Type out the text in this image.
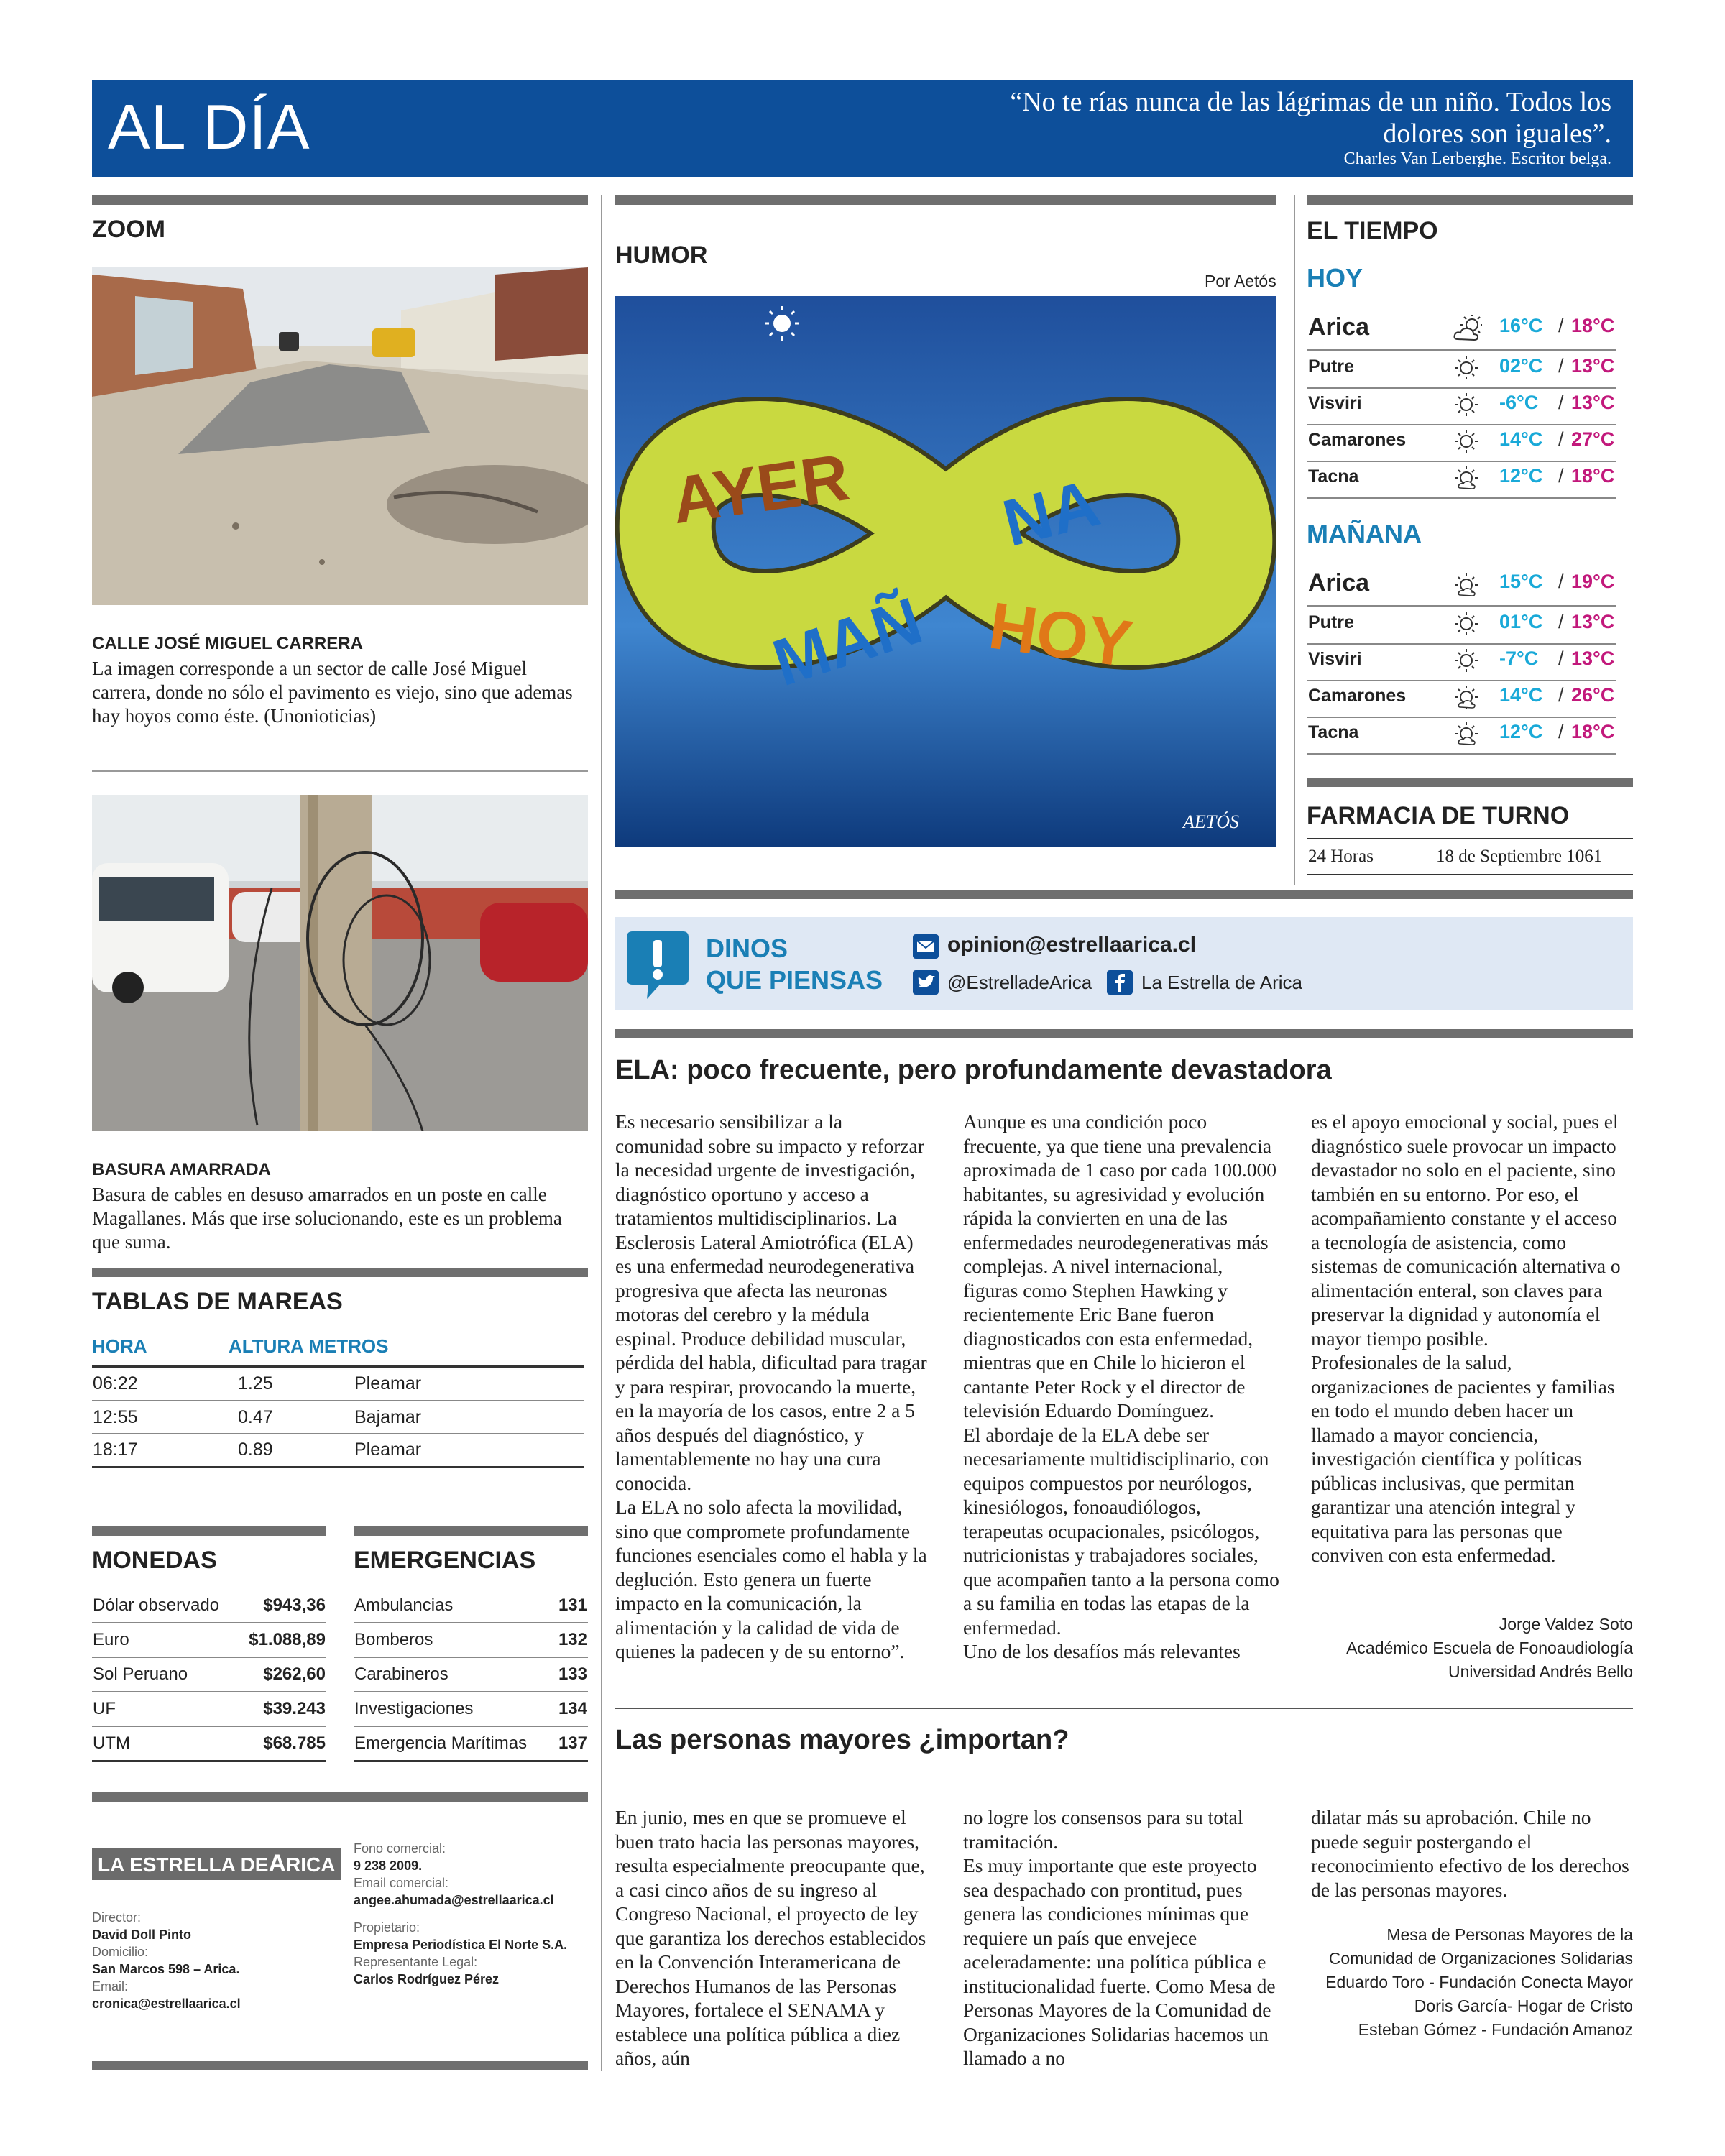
AL DÍA	“No te rías nunca de las lágrimas de un niño. Todos los
dolores son iguales”.
Charles Van Lerberghe. Escritor belga.
ZOOM
CALLE JOSÉ MIGUEL CARRERA
La imagen corresponde a un sector de calle José Miguel carrera, donde no sólo el pavimento es viejo, sino que ademas hay hoyos como éste. (Unonioticias)
BASURA AMARRADA
Basura de cables en desuso amarrados en un poste en calle Magallanes. Más que irse solucionando, este es un problema que suma.
TABLAS DE MAREAS
HORA	ALTURA METROS
06:22	1.25	Pleamar
12:55	0.47	Bajamar
18:17	0.89	Pleamar
MONEDAS
Dólar observado	$943,36
Euro	$1.088,89
Sol Peruano	$262,60
UF	$39.243
UTM	$68.785
EMERGENCIAS
Ambulancias	131
Bomberos	132
Carabineros	133
Investigaciones	134
Emergencia Marítimas	137
LA ESTRELLA DEARICA
Director:
David Doll Pinto
Domicilio:
San Marcos 598 – Arica.
Email:
cronica@estrellaarica.cl
Fono comercial:
9 238 2009.
Email comercial:
angee.ahumada@estrellaarica.cl
Propietario:
Empresa Periodística El Norte S.A.
Representante Legal:
Carlos Rodríguez Pérez
HUMOR
Por Aetós
AYER NA
MAÑ HOY
AETÓS
EL TIEMPO
HOY
Arica	16°C / 18°C
Putre	02°C / 13°C
Visviri	-6°C / 13°C
Camarones	14°C / 27°C
Tacna	12°C / 18°C
MAÑANA
Arica	15°C / 19°C
Putre	01°C / 13°C
Visviri	-7°C / 13°C
Camarones	14°C / 26°C
Tacna	12°C / 18°C
FARMACIA DE TURNO
24 Horas	18 de Septiembre 1061
DINOS
QUE PIENSAS
opinion@estrellaarica.cl
@EstrelladeArica	La Estrella de Arica
ELA: poco frecuente, pero profundamente devastadora

Es necesario sensibilizar a la comunidad sobre su impacto y reforzar la necesidad urgente de investigación, diagnóstico oportuno y acceso a tratamientos multidisciplinarios. La Esclerosis Lateral Amiotrófica (ELA) es una enfermedad neurodegenerativa progresiva que afecta las neuronas motoras del cerebro y la médula espinal. Produce debilidad muscular, pérdida del habla, dificultad para tragar y para respirar, provocando la muerte, en la mayoría de los casos, entre 2 a 5 años después del diagnóstico, y lamentablemente no hay una cura conocida.

La ELA no solo afecta la movilidad, sino que compromete profundamente funciones esenciales como el habla y la deglución. Esto genera un fuerte impacto en la comunicación, la alimentación y la calidad de vida de quienes la padecen y de su entorno”.

Aunque es una condición poco frecuente, ya que tiene una prevalencia aproximada de 1 caso por cada 100.000 habitantes, su agresividad y evolución rápida la convierten en una de las enfermedades neurodegenerativas más complejas. A nivel internacional, figuras como Stephen Hawking y recientemente Eric Bane fueron diagnosticados con esta enfermedad, mientras que en Chile lo hicieron el cantante Peter Rock y el director de televisión Eduardo Domínguez.

El abordaje de la ELA debe ser necesariamente multidisciplinario, con equipos compuestos por neurólogos, kinesiólogos, fonoaudiólogos, terapeutas ocupacionales, psicólogos, nutricionistas y trabajadores sociales, que acompañen tanto a la persona como a su familia en todas las etapas de la enfermedad.

Uno de los desafíos más relevantes

es el apoyo emocional y social, pues el diagnóstico suele provocar un impacto devastador no solo en el paciente, sino también en su entorno. Por eso, el acompañamiento constante y el acceso a tecnología de asistencia, como sistemas de comunicación alternativa o alimentación enteral, son claves para preservar la dignidad y autonomía el mayor tiempo posible.

Profesionales de la salud, organizaciones de pacientes y familias en todo el mundo deben hacer un llamado a mayor conciencia, investigación científica y políticas públicas inclusivas, que permitan garantizar una atención integral y equitativa para las personas que conviven con esta enfermedad.

Jorge Valdez Soto
Académico Escuela de Fonoaudiología
Universidad Andrés Bello
Las personas mayores ¿importan?

En junio, mes en que se promueve el buen trato hacia las personas mayores, resulta especialmente preocupante que, a casi cinco años de su ingreso al Congreso Nacional, el proyecto de ley que garantiza los derechos establecidos en la Convención Interamericana de Derechos Humanos de las Personas Mayores, fortalece el SENAMA y establece una política pública a diez años, aún

no logre los consensos para su total tramitación.

Es muy importante que este proyecto sea despachado con prontitud, pues genera las condiciones mínimas que requiere un país que envejece aceleradamente: una política pública e institucionalidad fuerte. Como Mesa de Personas Mayores de la Comunidad de Organizaciones Solidarias hacemos un llamado a no

dilatar más su aprobación. Chile no puede seguir postergando el reconocimiento efectivo de los derechos de las personas mayores.

Mesa de Personas Mayores de la
Comunidad de Organizaciones Solidarias
Eduardo Toro - Fundación Conecta Mayor
Doris García- Hogar de Cristo
Esteban Gómez - Fundación Amanoz
